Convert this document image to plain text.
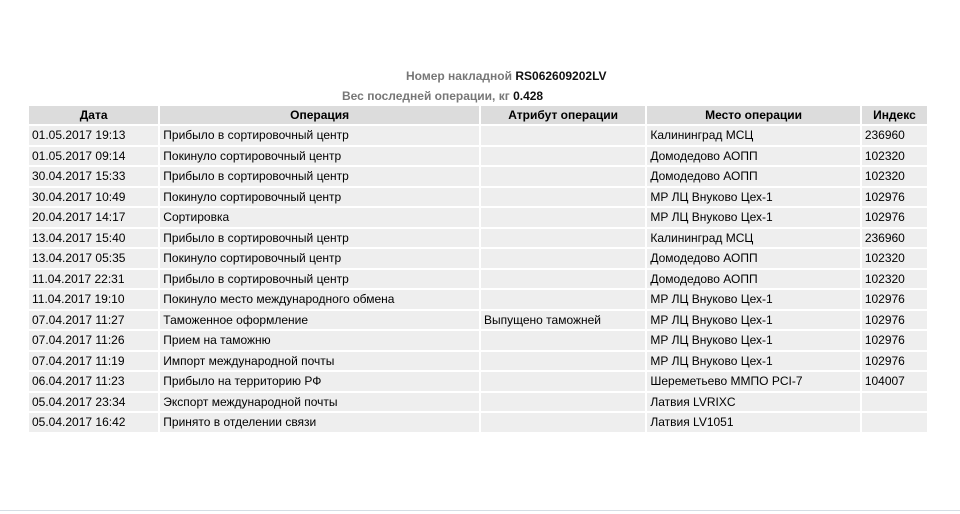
Номер накладной RS062609202LV
Вес последней операции, кг 0.428
Дата	Операция	Атрибут операции	Место операции	Индекс
01.05.2017 19:13	Прибыло в сортировочный центр		Калининград МСЦ	236960
01.05.2017 09:14	Покинуло сортировочный центр		Домодедово АОПП	102320
30.04.2017 15:33	Прибыло в сортировочный центр		Домодедово АОПП	102320
30.04.2017 10:49	Покинуло сортировочный центр		МР ЛЦ Внуково Цех-1	102976
20.04.2017 14:17	Сортировка		МР ЛЦ Внуково Цех-1	102976
13.04.2017 15:40	Прибыло в сортировочный центр		Калининград МСЦ	236960
13.04.2017 05:35	Покинуло сортировочный центр		Домодедово АОПП	102320
11.04.2017 22:31	Прибыло в сортировочный центр		Домодедово АОПП	102320
11.04.2017 19:10	Покинуло место международного обмена		МР ЛЦ Внуково Цех-1	102976
07.04.2017 11:27	Таможенное оформление	Выпущено таможней	МР ЛЦ Внуково Цех-1	102976
07.04.2017 11:26	Прием на таможню		МР ЛЦ Внуково Цех-1	102976
07.04.2017 11:19	Импорт международной почты		МР ЛЦ Внуково Цех-1	102976
06.04.2017 11:23	Прибыло на территорию РФ		Шереметьево ММПО PCI-7	104007
05.04.2017 23:34	Экспорт международной почты		Латвия LVRIXC	
05.04.2017 16:42	Принято в отделении связи		Латвия LV1051	
